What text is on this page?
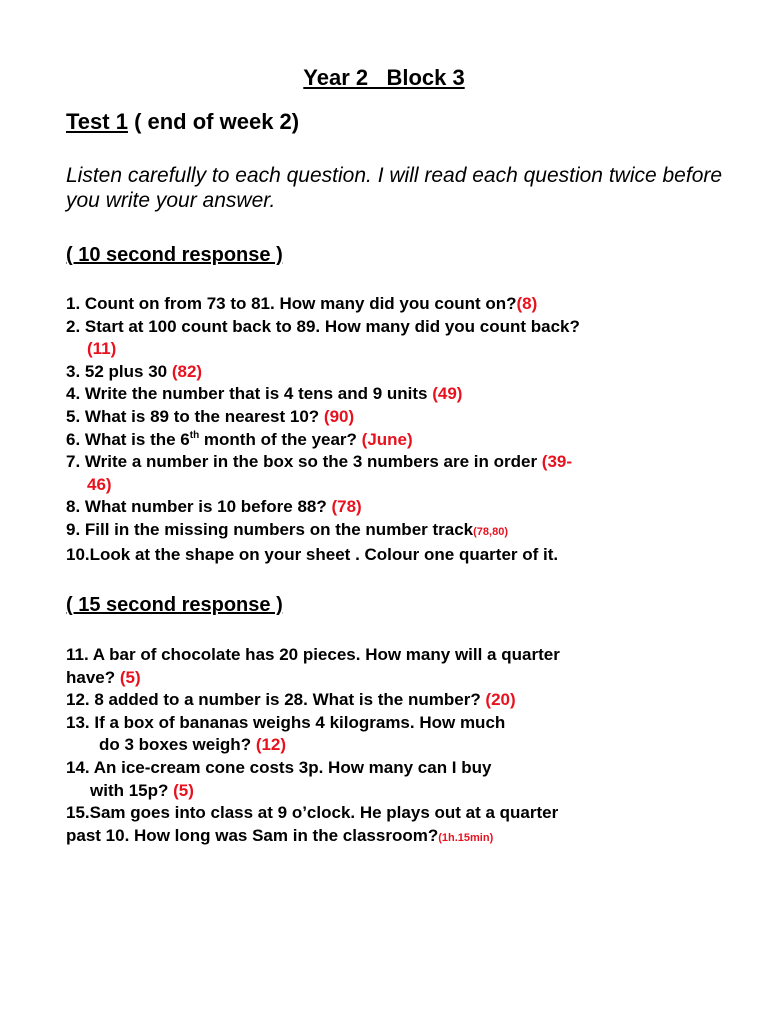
Year 2   Block 3
Test 1 ( end of week 2)
Listen carefully to each question. I will read each question twice before you write your answer.
( 10 second response )
1. Count on from 73 to 81. How many did you count on?(8)
2. Start at 100 count back to 89. How many did you count back?
(11)
3. 52 plus 30 (82)
4. Write the number that is 4 tens and 9 units (49)
5. What is 89 to the nearest 10? (90)
6. What is the 6th month of the year? (June)
7. Write a number in the box so the 3 numbers are in order (39-
46)
8. What number is 10 before 88? (78)
9. Fill in the missing numbers on the number track(78,80)
10.Look at the shape on your sheet . Colour one quarter of it.
( 15 second response )
11. A bar of chocolate has 20 pieces. How many will a quarter
have? (5)
12. 8 added to a number is 28. What is the number? (20)
13. If a box of bananas weighs 4 kilograms. How much
do 3 boxes weigh? (12)
14. An ice-cream cone costs 3p. How many can I buy
with 15p? (5)
15.Sam goes into class at 9 o’clock. He plays out at a quarter
past 10. How long was Sam in the classroom?(1h.15min)
